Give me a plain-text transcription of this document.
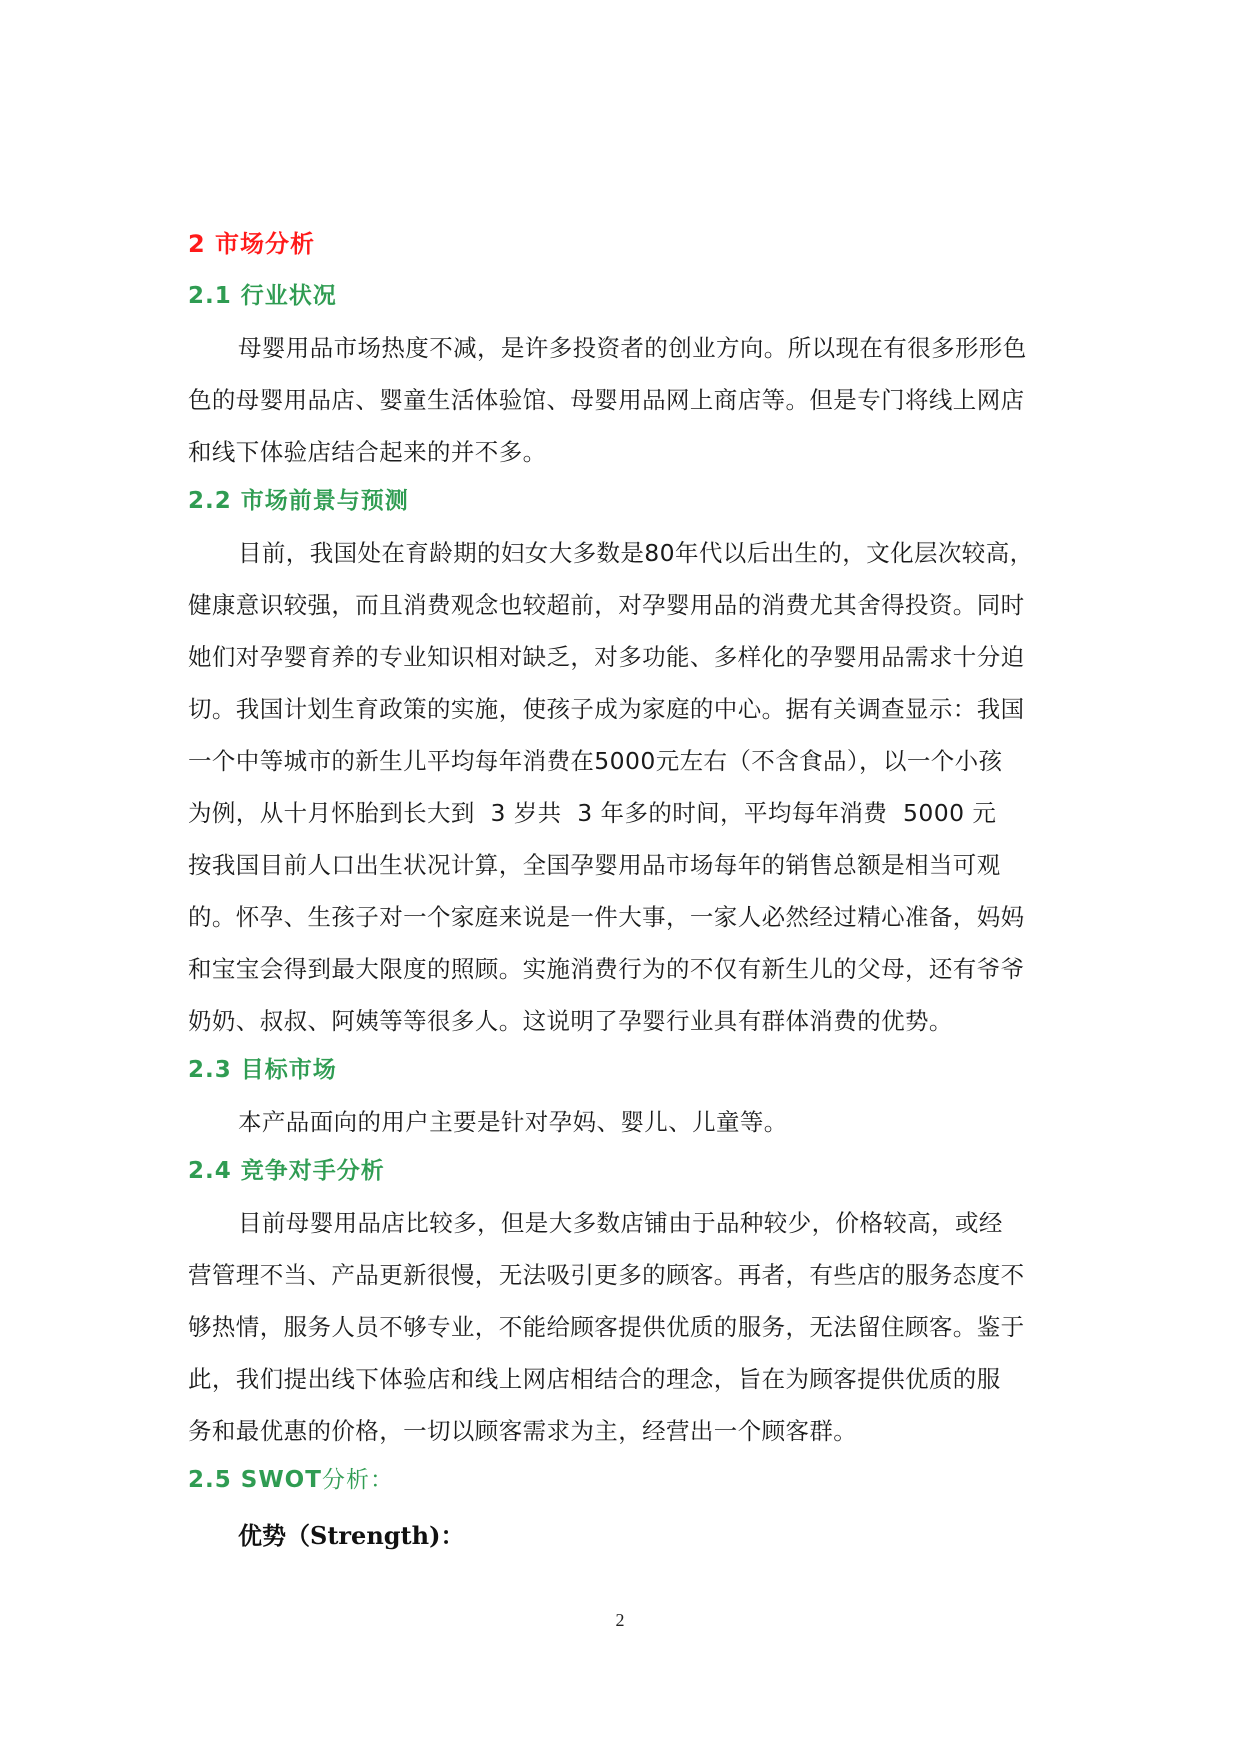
2 市场分析
2.1 行业状况
母婴用品市场热度不减，是许多投资者的创业方向。所以现在有很多形形色
色的母婴用品店、婴童生活体验馆、母婴用品网上商店等。但是专门将线上网店
和线下体验店结合起来的并不多。
2.2 市场前景与预测
目前，我国处在育龄期的妇女大多数是80年代以后出生的，文化层次较高，
健康意识较强，而且消费观念也较超前，对孕婴用品的消费尤其舍得投资。同时
她们对孕婴育养的专业知识相对缺乏，对多功能、多样化的孕婴用品需求十分迫
切。我国计划生育政策的实施，使孩子成为家庭的中心。据有关调查显示：我国
一个中等城市的新生儿平均每年消费在5000元左右（不含食品），以一个小孩
为例，从十月怀胎到长大到  3 岁共  3 年多的时间，平均每年消费  5000 元
按我国目前人口出生状况计算，全国孕婴用品市场每年的销售总额是相当可观
的。怀孕、生孩子对一个家庭来说是一件大事，一家人必然经过精心准备，妈妈
和宝宝会得到最大限度的照顾。实施消费行为的不仅有新生儿的父母，还有爷爷
奶奶、叔叔、阿姨等等很多人。这说明了孕婴行业具有群体消费的优势。
2.3 目标市场
本产品面向的用户主要是针对孕妈、婴儿、儿童等。
2.4 竞争对手分析
目前母婴用品店比较多，但是大多数店铺由于品种较少，价格较高，或经
营管理不当、产品更新很慢，无法吸引更多的顾客。再者，有些店的服务态度不
够热情，服务人员不够专业，不能给顾客提供优质的服务，无法留住顾客。鉴于
此，我们提出线下体验店和线上网店相结合的理念，旨在为顾客提供优质的服
务和最优惠的价格，一切以顾客需求为主，经营出一个顾客群。
2.5 SWOT分析：
优势（Strength)：
2
